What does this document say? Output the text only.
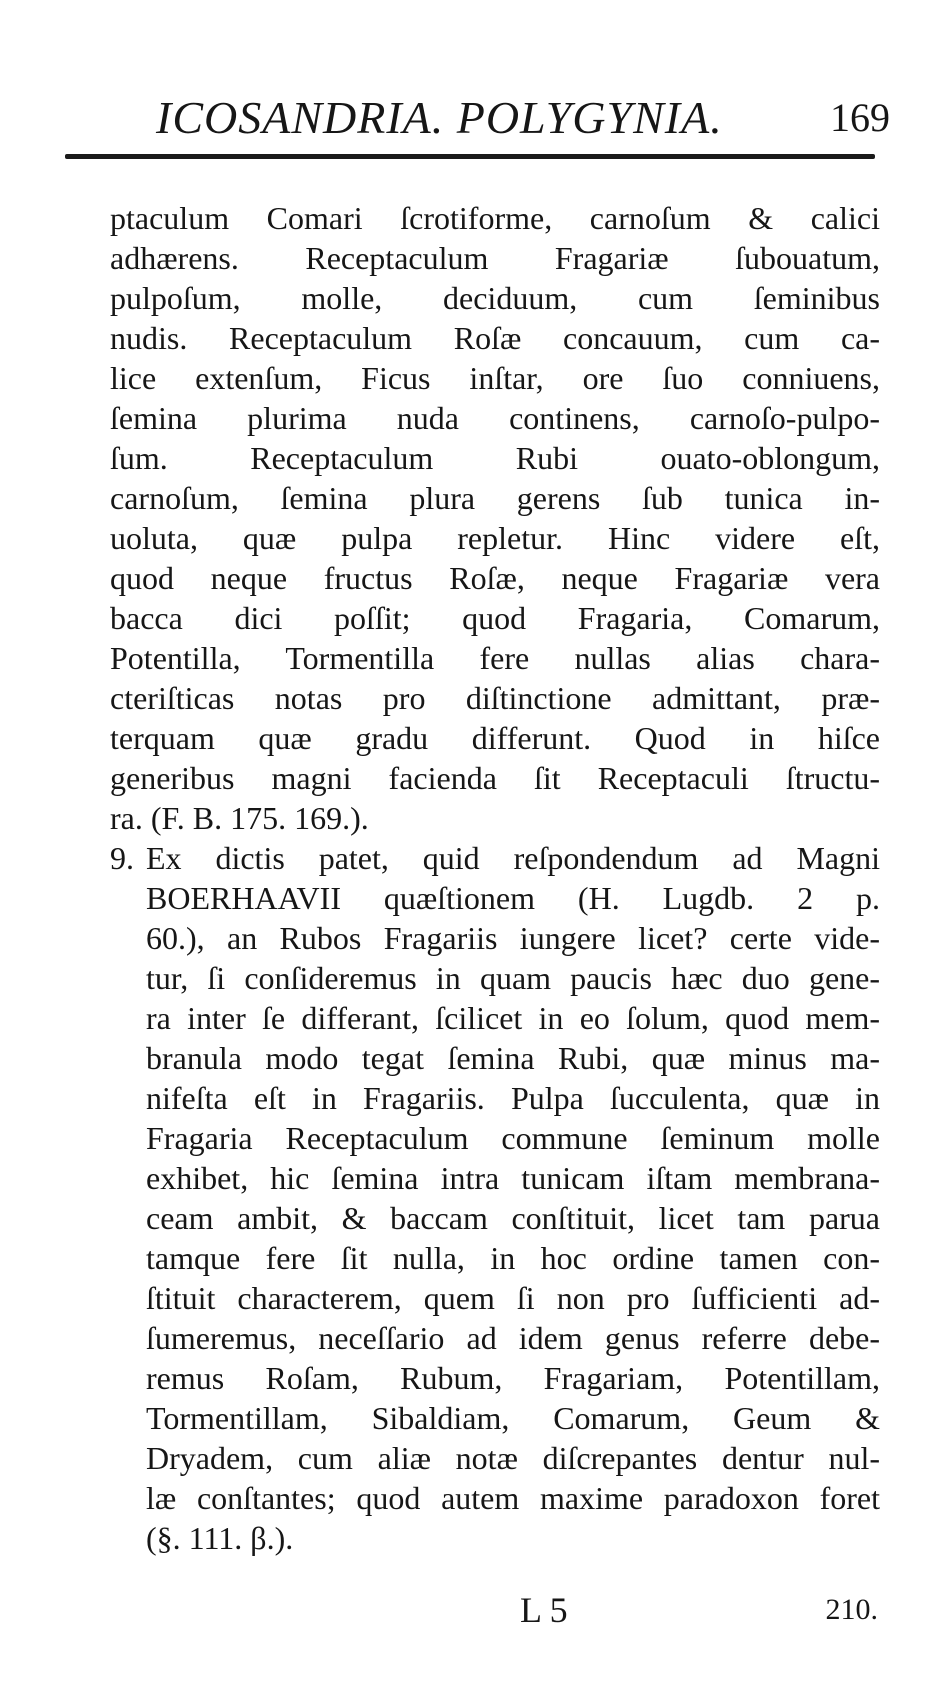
ICOSANDRIA. POLYGYNIA.	169
ptaculum Comari ſcrotiforme, carnoſum & calici
adhærens. Receptaculum Fragariæ ſubouatum,
pulpoſum, molle, deciduum, cum ſeminibus
nudis. Receptaculum Roſæ concauum, cum ca-
lice extenſum, Ficus inſtar, ore ſuo conniuens,
ſemina plurima nuda continens, carnoſo-pulpo-
ſum. Receptaculum Rubi ouato-oblongum,
carnoſum, ſemina plura gerens ſub tunica in-
uoluta, quæ pulpa repletur. Hinc videre eſt,
quod neque fructus Roſæ, neque Fragariæ vera
bacca dici poſſit; quod Fragaria, Comarum,
Potentilla, Tormentilla fere nullas alias chara-
cteriſticas notas pro diſtinctione admittant, præ-
terquam quæ gradu differunt. Quod in hiſce
generibus magni facienda ſit Receptaculi ſtructu-
ra. (F. B. 175. 169.).
9. Ex dictis patet, quid reſpondendum ad Magni
BOERHAAVII quæſtionem (H. Lugdb. 2 p.
60.), an Rubos Fragariis iungere licet? certe vide-
tur, ſi conſideremus in quam paucis hæc duo gene-
ra inter ſe differant, ſcilicet in eo ſolum, quod mem-
branula modo tegat ſemina Rubi, quæ minus ma-
nifeſta eſt in Fragariis. Pulpa ſucculenta, quæ in
Fragaria Receptaculum commune ſeminum molle
exhibet, hic ſemina intra tunicam iſtam membrana-
ceam ambit, & baccam conſtituit, licet tam parua
tamque fere ſit nulla, in hoc ordine tamen con-
ſtituit characterem, quem ſi non pro ſufficienti ad-
ſumeremus, neceſſario ad idem genus referre debe-
remus Roſam, Rubum, Fragariam, Potentillam,
Tormentillam, Sibaldiam, Comarum, Geum &
Dryadem, cum aliæ notæ diſcrepantes dentur nul-
læ conſtantes; quod autem maxime paradoxon foret
(§. 111. β.).
L 5	210.
